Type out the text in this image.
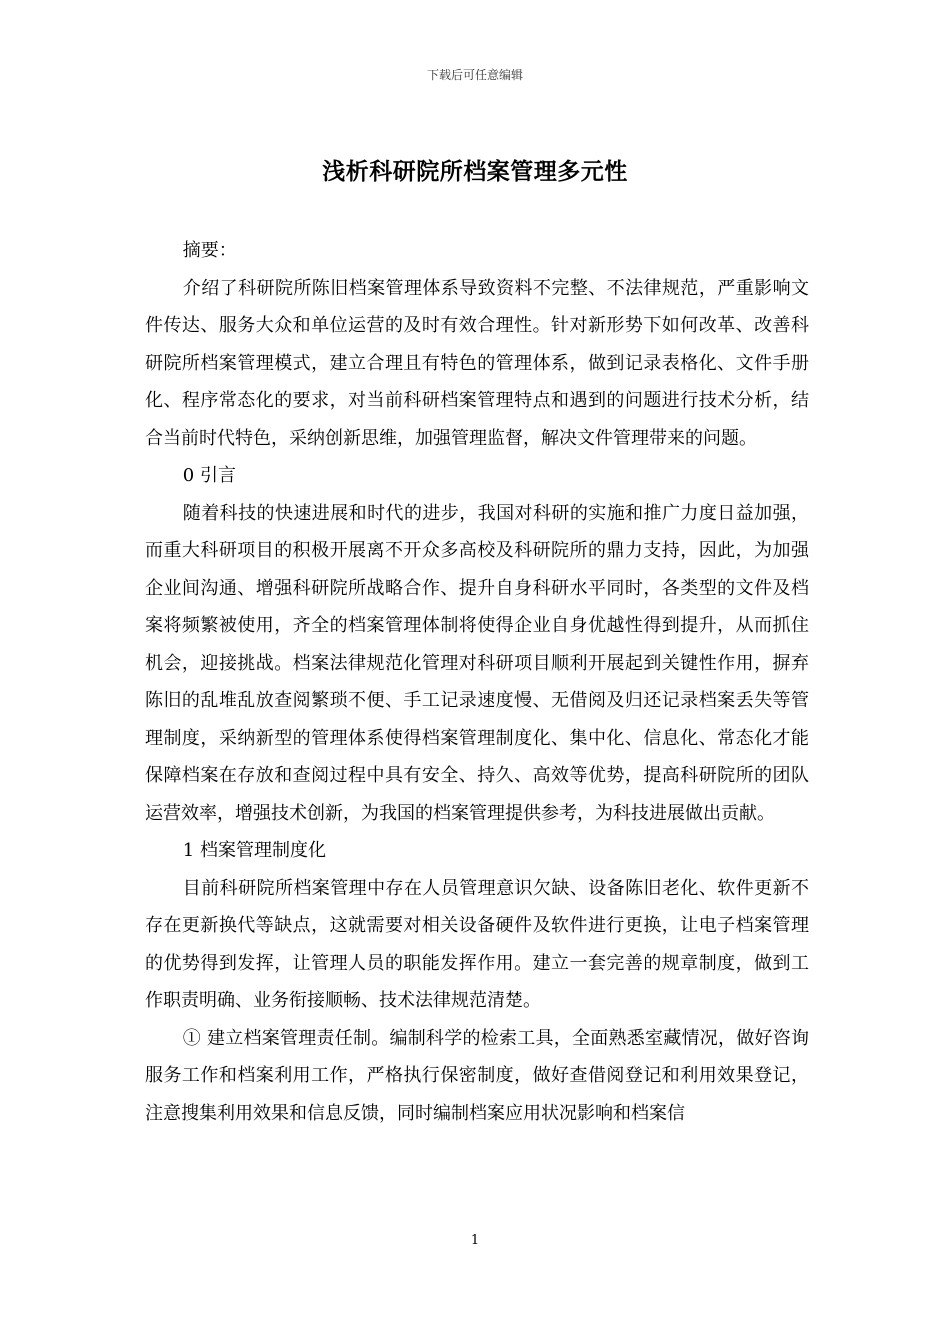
下载后可任意编辑
浅析科研院所档案管理多元性

摘要：

介绍了科研院所陈旧档案管理体系导致资料不完整、不法律规范，严重影响文件传达、服务大众和单位运营的及时有效合理性。针对新形势下如何改革、改善科研院所档案管理模式，建立合理且有特色的管理体系，做到记录表格化、文件手册化、程序常态化的要求，对当前科研档案管理特点和遇到的问题进行技术分析，结合当前时代特色，采纳创新思维，加强管理监督，解决文件管理带来的问题。

0 引言

随着科技的快速进展和时代的进步，我国对科研的实施和推广力度日益加强，而重大科研项目的积极开展离不开众多高校及科研院所的鼎力支持，因此，为加强企业间沟通、增强科研院所战略合作、提升自身科研水平同时，各类型的文件及档案将频繁被使用，齐全的档案管理体制将使得企业自身优越性得到提升，从而抓住机会，迎接挑战。档案法律规范化管理对科研项目顺利开展起到关键性作用，摒弃陈旧的乱堆乱放查阅繁琐不便、手工记录速度慢、无借阅及归还记录档案丢失等管理制度，采纳新型的管理体系使得档案管理制度化、集中化、信息化、常态化才能保障档案在存放和查阅过程中具有安全、持久、高效等优势，提高科研院所的团队运营效率，增强技术创新，为我国的档案管理提供参考，为科技进展做出贡献。

1 档案管理制度化

目前科研院所档案管理中存在人员管理意识欠缺、设备陈旧老化、软件更新不存在更新换代等缺点，这就需要对相关设备硬件及软件进行更换，让电子档案管理的优势得到发挥，让管理人员的职能发挥作用。建立一套完善的规章制度，做到工作职责明确、业务衔接顺畅、技术法律规范清楚。

① 建立档案管理责任制。编制科学的检索工具，全面熟悉室藏情况，做好咨询服务工作和档案利用工作，严格执行保密制度，做好查借阅登记和利用效果登记，注意搜集利用效果和信息反馈，同时编制档案应用状况影响和档案信

1
